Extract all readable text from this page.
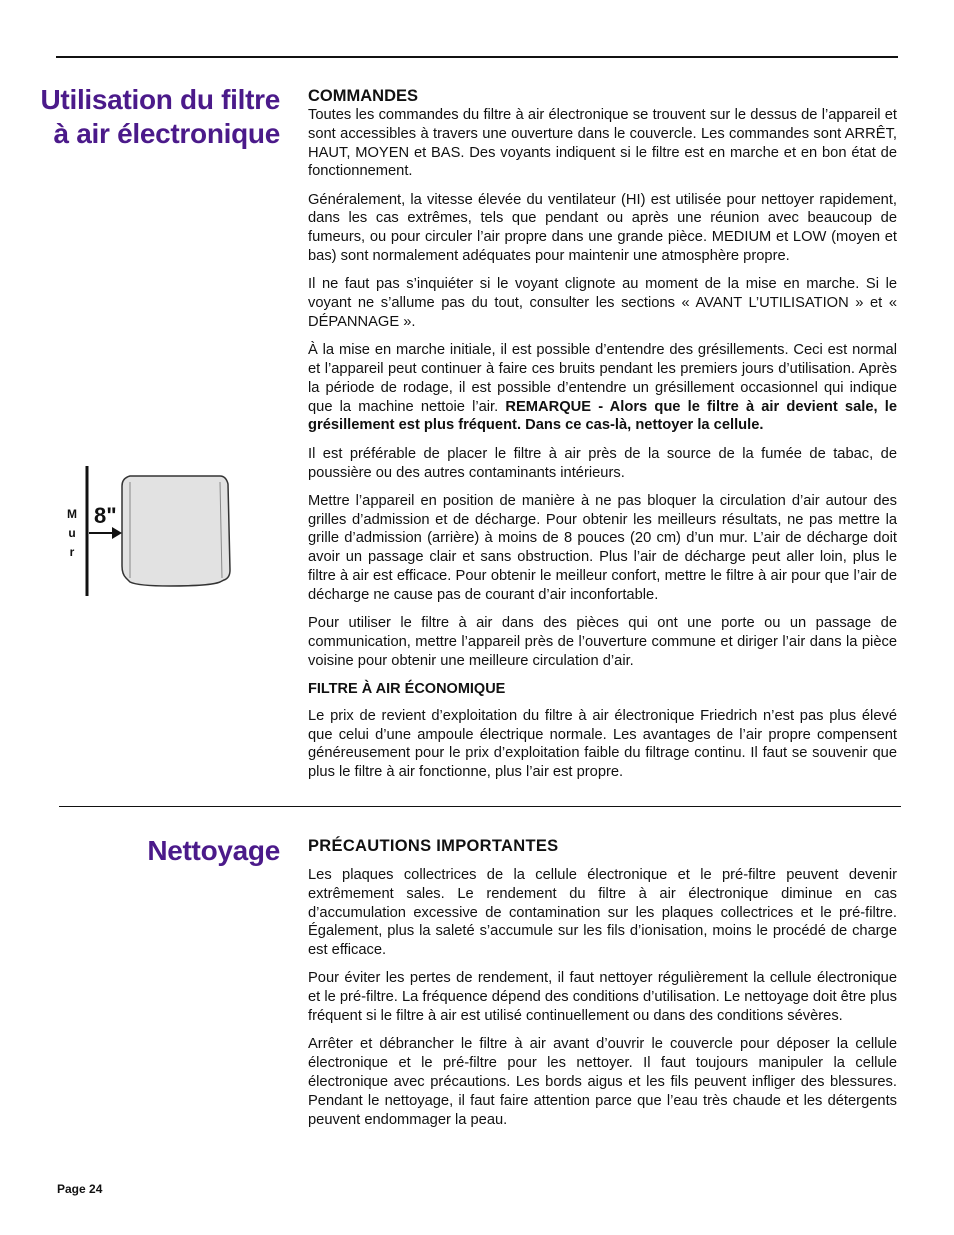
Utilisation du filtre à air électronique
COMMANDES

Toutes les commandes du filtre à air électronique se trouvent sur le dessus de l’appareil et sont accessibles à travers une ouverture dans le couvercle. Les commandes sont ARRÊT, HAUT, MOYEN et BAS. Des voyants indiquent si le filtre est en marche et en bon état de fonctionnement.

Généralement, la vitesse élevée du ventilateur (HI) est utilisée pour nettoyer rapidement, dans les cas extrêmes, tels que pendant ou après une réunion avec beaucoup de fumeurs, ou pour circuler l’air propre dans une grande pièce. MEDIUM et LOW (moyen et bas) sont normalement adéquates pour maintenir une atmosphère propre.

Il ne faut pas s’inquiéter si le voyant clignote au moment de la mise en marche. Si le voyant ne s’allume pas du tout, consulter les sections « AVANT L’UTILISATION » et « DÉPANNAGE ».

À la mise en marche initiale, il est possible d’entendre des grésillements. Ceci est normal et l’appareil peut continuer à faire ces bruits pendant les premiers jours d’utilisation. Après la période de rodage, il est possible d’entendre un grésillement occasionnel qui indique que la machine nettoie l’air. REMARQUE - Alors que le filtre à air devient sale, le grésillement est plus fréquent. Dans ce cas-là, nettoyer la cellule.

Il est préférable de placer le filtre à air près de la source de la fumée de tabac, de poussière ou des autres contaminants intérieurs.

Mettre l’appareil en position de manière à ne pas bloquer la circulation d’air autour des grilles d’admission et de décharge. Pour obtenir les meilleurs résultats, ne pas mettre la grille d’admission (arrière) à moins de 8 pouces (20 cm) d’un mur. L’air de décharge doit avoir un passage clair et sans obstruction. Plus l’air de décharge peut aller loin, plus le filtre à air est efficace. Pour obtenir le meilleur confort, mettre le filtre à air pour que l’air de décharge ne cause pas de courant d’air inconfortable.

Pour utiliser le filtre à air dans des pièces qui ont une porte ou un passage de communication, mettre l’appareil près de l’ouverture commune et diriger l’air dans la pièce voisine pour obtenir une meilleure circulation d’air.

FILTRE À AIR ÉCONOMIQUE

Le prix de revient d’exploitation du filtre à air électronique Friedrich n’est pas plus élevé que celui d’une ampoule électrique normale. Les avantages de l’air propre compensent généreusement pour le prix d’exploitation faible du filtrage continu. Il faut se souvenir que plus le filtre à air fonctionne, plus l’air est propre.

M
u
r
8"
Nettoyage PRÉCAUTIONS IMPORTANTES

Les plaques collectrices de la cellule électronique et le pré-filtre peuvent devenir extrêmement sales. Le rendement du filtre à air électronique diminue en cas d’accumulation excessive de contamination sur les plaques collectrices et le pré-filtre. Également, plus la saleté s’accumule sur les fils d’ionisation, moins le procédé de charge est efficace.

Pour éviter les pertes de rendement, il faut nettoyer régulièrement la cellule électronique et le pré-filtre. La fréquence dépend des conditions d’utilisation. Le nettoyage doit être plus fréquent si le filtre à air est utilisé continuellement ou dans des conditions sévères.

Arrêter et débrancher le filtre à air avant d’ouvrir le couvercle pour déposer la cellule électronique et le pré-filtre pour les nettoyer. Il faut toujours manipuler la cellule électronique avec précautions. Les bords aigus et les fils peuvent infliger des blessures. Pendant le nettoyage, il faut faire attention parce que l’eau très chaude et les détergents peuvent endommager la peau.

Page 24
